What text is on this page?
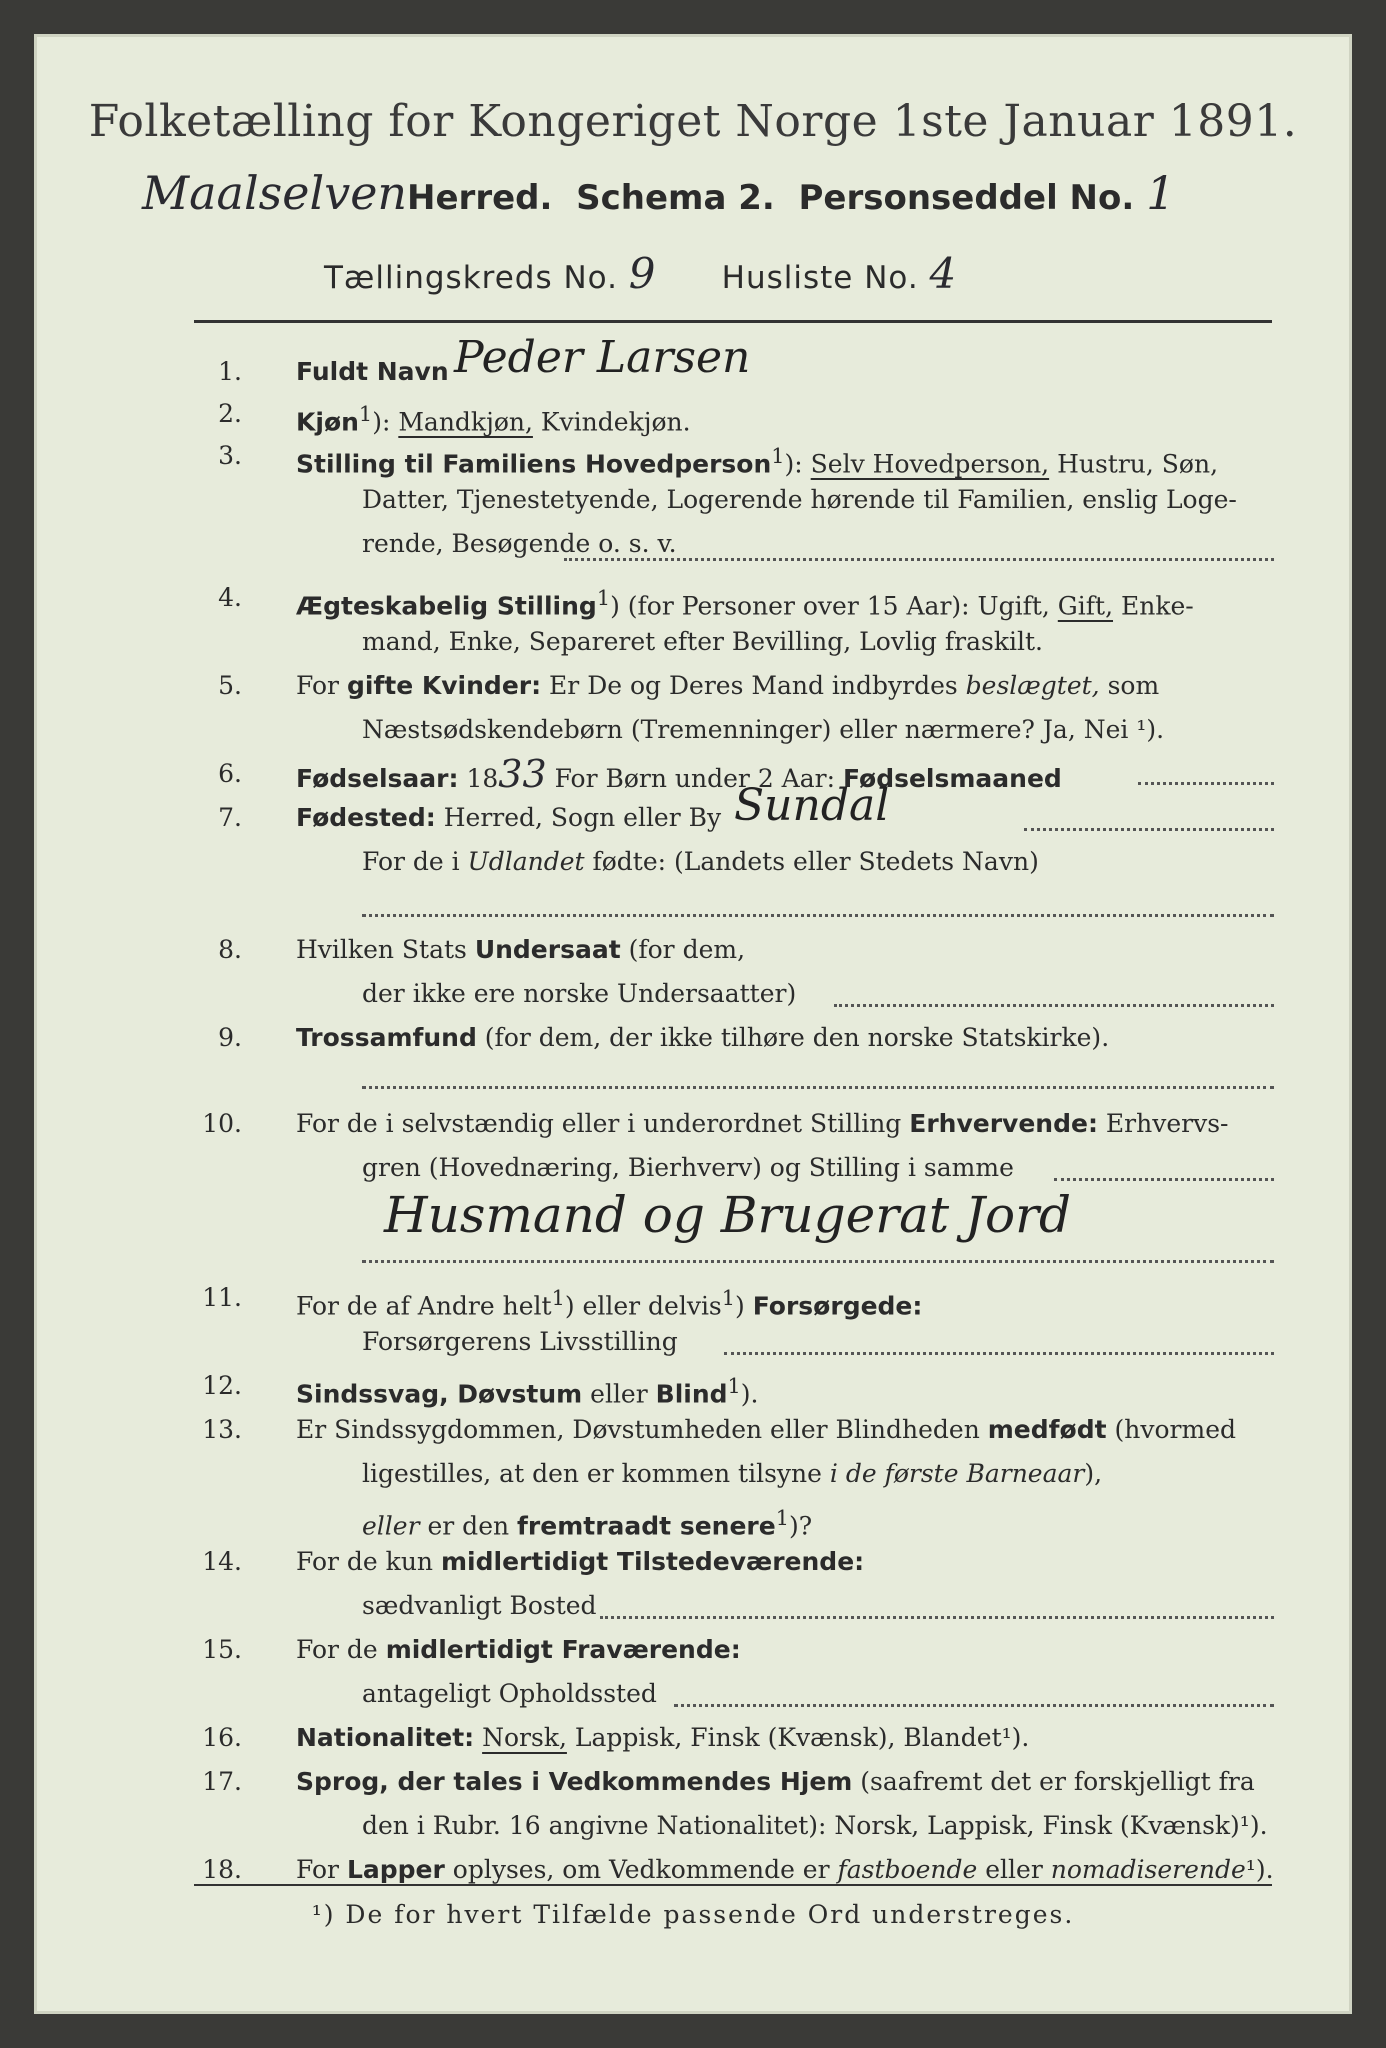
Folketælling for Kongeriget Norge 1ste Januar 1891.
MaalselvenHerred. Schema 2. Personseddel No. 1
Tællingskreds No. 9 Husliste No. 4
1. Fuldt Navn Peder Larsen
2. Kjøn$^1$): Mandkjøn, Kvindekjøn.
3. Stilling til Familiens Hovedperson$^1$): Selv Hovedperson, Hustru, Søn,
Datter, Tjenestetyende, Logerende hørende til Familien, enslig Loge-
rende, Besøgende o. s. v.
4. Ægteskabelig Stilling$^1$) (for Personer over 15 Aar): Ugift, Gift, Enke-
mand, Enke, Separeret efter Bevilling, Lovlig fraskilt.
5. For gifte Kvinder: Er De og Deres Mand indbyrdes beslægtet, som
Næstsødskendebørn (Tremenninger) eller nærmere? Ja, Nei ¹).
6. Fødselsaar: 1833 For Børn under 2 Aar: Fødselsmaaned
7. Fødested: Herred, Sogn eller By Sundal
For de i Udlandet fødte: (Landets eller Stedets Navn)
8. Hvilken Stats Undersaat (for dem,
der ikke ere norske Undersaatter)
9. Trossamfund (for dem, der ikke tilhøre den norske Statskirke).
10. For de i selvstændig eller i underordnet Stilling Erhvervende: Erhvervs-
gren (Hovednæring, Bierhverv) og Stilling i samme
Husmand og Brugerat Jord
11. For de af Andre helt$^1$) eller delvis$^1$) Forsørgede:
Forsørgerens Livsstilling
12. Sindssvag, Døvstum eller Blind$^1$).
13. Er Sindssygdommen, Døvstumheden eller Blindheden medfødt (hvormed
ligestilles, at den er kommen tilsyne i de første Barneaar),
eller er den fremtraadt senere$^1$)?
14. For de kun midlertidigt Tilstedeværende:
sædvanligt Bosted
15. For de midlertidigt Fraværende:
antageligt Opholdssted
16. Nationalitet: Norsk, Lappisk, Finsk (Kvænsk), Blandet¹).
17. Sprog, der tales i Vedkommendes Hjem (saafremt det er forskjelligt fra
den i Rubr. 16 angivne Nationalitet): Norsk, Lappisk, Finsk (Kvænsk)¹).
18. For Lapper oplyses, om Vedkommende er fastboende eller nomadiserende¹).
¹) De for hvert Tilfælde passende Ord understreges.
